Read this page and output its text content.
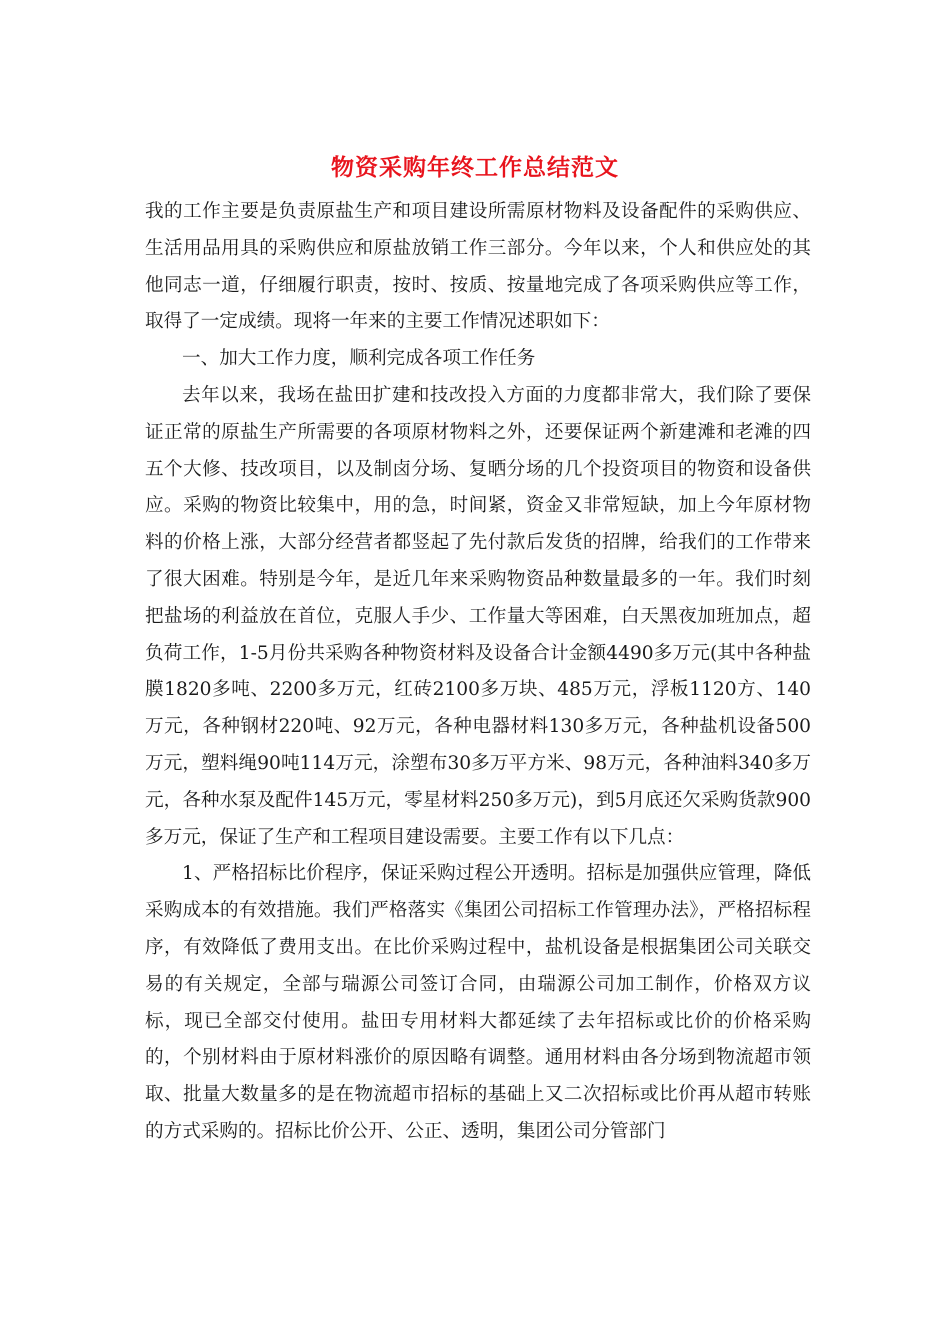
物资采购年终工作总结范文

我的工作主要是负责原盐生产和项目建设所需原材物料及设备配件的采购供应、生活用品用具的采购供应和原盐放销工作三部分。今年以来，个人和供应处的其他同志一道，仔细履行职责，按时、按质、按量地完成了各项采购供应等工作，取得了一定成绩。现将一年来的主要工作情况述职如下：

一、加大工作力度，顺利完成各项工作任务

去年以来，我场在盐田扩建和技改投入方面的力度都非常大，我们除了要保证正常的原盐生产所需要的各项原材物料之外，还要保证两个新建滩和老滩的四五个大修、技改项目，以及制卤分场、复晒分场的几个投资项目的物资和设备供应。采购的物资比较集中，用的急，时间紧，资金又非常短缺，加上今年原材物料的价格上涨，大部分经营者都竖起了先付款后发货的招牌，给我们的工作带来了很大困难。特别是今年，是近几年来采购物资品种数量最多的一年。我们时刻把盐场的利益放在首位，克服人手少、工作量大等困难，白天黑夜加班加点，超负荷工作，1-5月份共采购各种物资材料及设备合计金额4490多万元(其中各种盐膜1820多吨、2200多万元，红砖2100多万块、485万元，浮板1120方、140万元，各种钢材220吨、92万元，各种电器材料130多万元，各种盐机设备500万元，塑料绳90吨114万元，涂塑布30多万平方米、98万元，各种油料340多万元，各种水泵及配件145万元，零星材料250多万元)，到5月底还欠采购货款900多万元，保证了生产和工程项目建设需要。主要工作有以下几点：

1、严格招标比价程序，保证采购过程公开透明。招标是加强供应管理，降低采购成本的有效措施。我们严格落实《集团公司招标工作管理办法》，严格招标程序，有效降低了费用支出。在比价采购过程中，盐机设备是根据集团公司关联交易的有关规定，全部与瑞源公司签订合同，由瑞源公司加工制作，价格双方议标，现已全部交付使用。盐田专用材料大都延续了去年招标或比价的价格采购的，个别材料由于原材料涨价的原因略有调整。通用材料由各分场到物流超市领取、批量大数量多的是在物流超市招标的基础上又二次招标或比价再从超市转账的方式采购的。招标比价公开、公正、透明，集团公司分管部门
